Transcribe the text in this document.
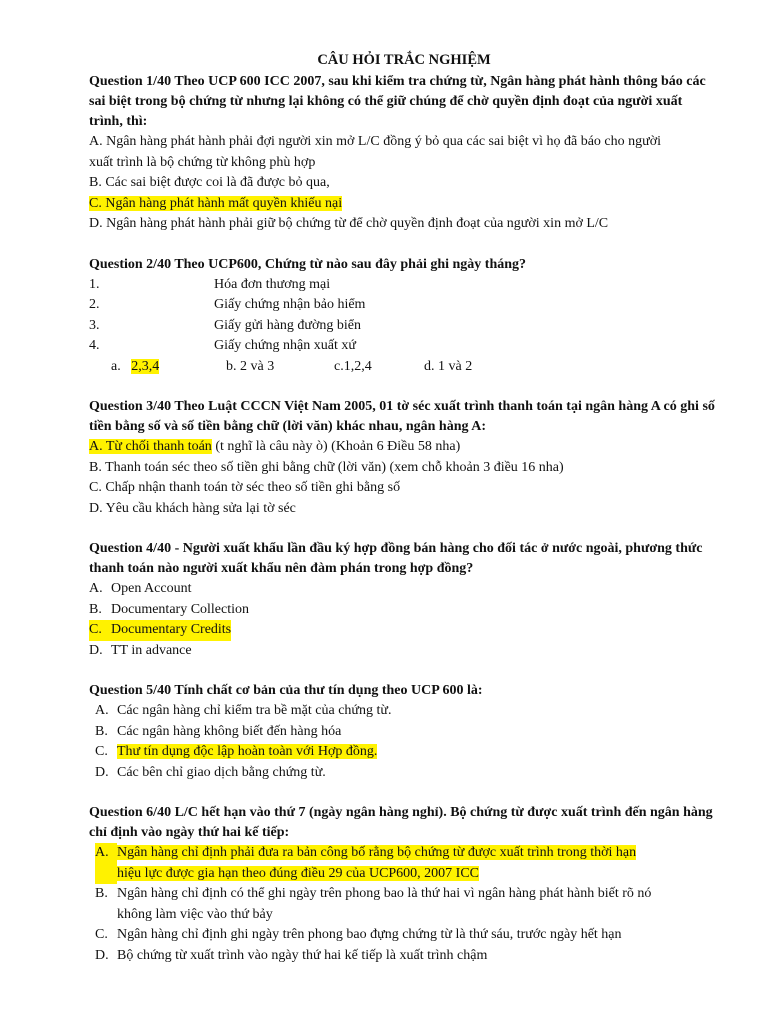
CÂU HỎI TRẮC NGHIỆM

Question 1/40 Theo UCP 600 ICC 2007, sau khi kiểm tra chứng từ, Ngân hàng phát hành thông báo các sai biệt trong bộ chứng từ nhưng lại không có thể giữ chúng để chờ quyền định đoạt của người xuất trình, thì:

A. Ngân hàng phát hành phải đợi người xin mở L/C đồng ý bỏ qua các sai biệt vì họ đã báo cho người

xuất trình là bộ chứng từ không phù hợp

B. Các sai biệt được coi là đã được bỏ qua,

C. Ngân hàng phát hành mất quyền khiếu nại

D. Ngân hàng phát hành phải giữ bộ chứng từ để chờ quyền định đoạt của người xin mở L/C

Question 2/40 Theo UCP600, Chứng từ nào sau đây phải ghi ngày tháng?

1.	Hóa đơn thương mại
2.	Giấy chứng nhận bảo hiểm
3.	Giấy gửi hàng đường biển
4.	Giấy chứng nhận xuất xứ
a. 2,3,4	b. 2 và 3	c.1,2,4	d. 1 và 2

Question 3/40 Theo Luật CCCN Việt Nam 2005, 01 tờ séc xuất trình thanh toán tại ngân hàng A có ghi số tiền bằng số và số tiền bằng chữ (lời văn) khác nhau, ngân hàng A:

A. Từ chối thanh toán (t nghĩ là câu này ò) (Khoản 6 Điều 58 nha)

B. Thanh toán séc theo số tiền ghi bằng chữ (lời văn) (xem chỗ khoản 3 điều 16 nha)

C. Chấp nhận thanh toán tờ séc theo số tiền ghi bằng số

D. Yêu cầu khách hàng sửa lại tờ séc

Question 4/40 - Người xuất khẩu lần đầu ký hợp đồng bán hàng cho đối tác ở nước ngoài, phương thức thanh toán nào người xuất khẩu nên đàm phán trong hợp đồng?

A. Open Account
B. Documentary Collection
C. Documentary Credits
D. TT in advance

Question 5/40 Tính chất cơ bản của thư tín dụng theo UCP 600 là:

A. Các ngân hàng chỉ kiểm tra bề mặt của chứng từ.
B. Các ngân hàng không biết đến hàng hóa
C. Thư tín dụng độc lập hoàn toàn với Hợp đồng.
D. Các bên chỉ giao dịch bằng chứng từ.

Question 6/40 L/C hết hạn vào thứ 7 (ngày ngân hàng nghỉ). Bộ chứng từ được xuất trình đến ngân hàng chỉ định vào ngày thứ hai kế tiếp:

A. Ngân hàng chỉ định phải đưa ra bản công bố rằng bộ chứng từ được xuất trình trong thời hạn
hiệu lực được gia hạn theo đúng điều 29 của UCP600, 2007 ICC
B. Ngân hàng chỉ định có thể ghi ngày trên phong bao là thứ hai vì ngân hàng phát hành biết rõ nó
không làm việc vào thứ bảy
C. Ngân hàng chỉ định ghi ngày trên phong bao đựng chứng từ là thứ sáu, trước ngày hết hạn
D. Bộ chứng từ xuất trình vào ngày thứ hai kế tiếp là xuất trình chậm
